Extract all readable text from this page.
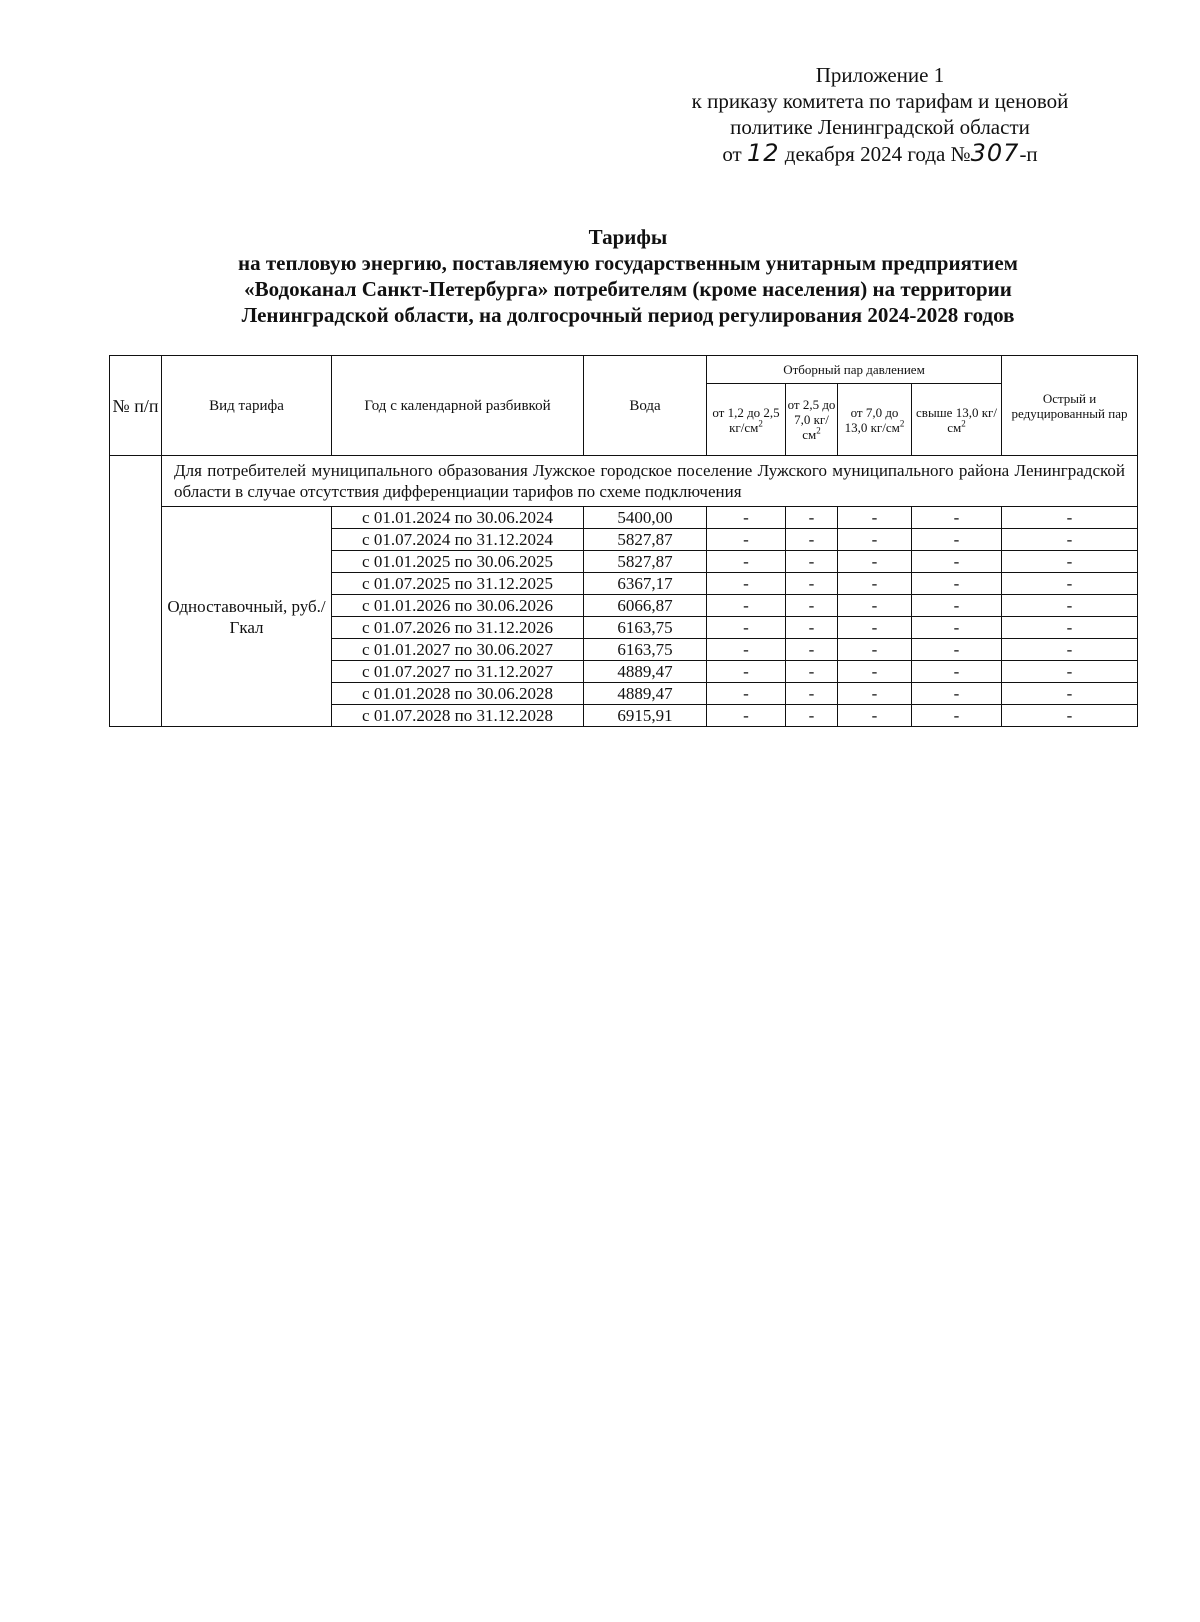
Приложение 1
к приказу комитета по тарифам и ценовой
политике Ленинградской области
от 12 декабря 2024 года №307-п
Тарифы
на тепловую энергию, поставляемую государственным унитарным предприятием
«Водоканал Санкт-Петербурга» потребителям (кроме населения) на территории
Ленинградской области, на долгосрочный период регулирования 2024-2028 годов
№ п/п	Вид тарифа	Год с календарной разбивкой	Вода	Отборный пар давлением				Острый и редуцированный пар
				от 1,2 до 2,5 $кг/см^2$	от 2,5 до 7,0 $кг/см^2$	от 7,0 до 13,0 $кг/см^2$	свыше 13,0 $кг/см^2$
	Для потребителей муниципального образования Лужское городское поселение Лужского муниципального района Ленинградской области в случае отсутствия дифференциации тарифов по схеме подключения							
	Одноставочный, руб./Гкал	с 01.01.2024 по 30.06.2024	5400,00	-	-	-	-	-
		с 01.07.2024 по 31.12.2024	5827,87	-	-	-	-	-
		с 01.01.2025 по 30.06.2025	5827,87	-	-	-	-	-
		с 01.07.2025 по 31.12.2025	6367,17	-	-	-	-	-
		с 01.01.2026 по 30.06.2026	6066,87	-	-	-	-	-
		с 01.07.2026 по 31.12.2026	6163,75	-	-	-	-	-
		с 01.01.2027 по 30.06.2027	6163,75	-	-	-	-	-
		с 01.07.2027 по 31.12.2027	4889,47	-	-	-	-	-
		с 01.01.2028 по 30.06.2028	4889,47	-	-	-	-	-
		с 01.07.2028 по 31.12.2028	6915,91	-	-	-	-	-
